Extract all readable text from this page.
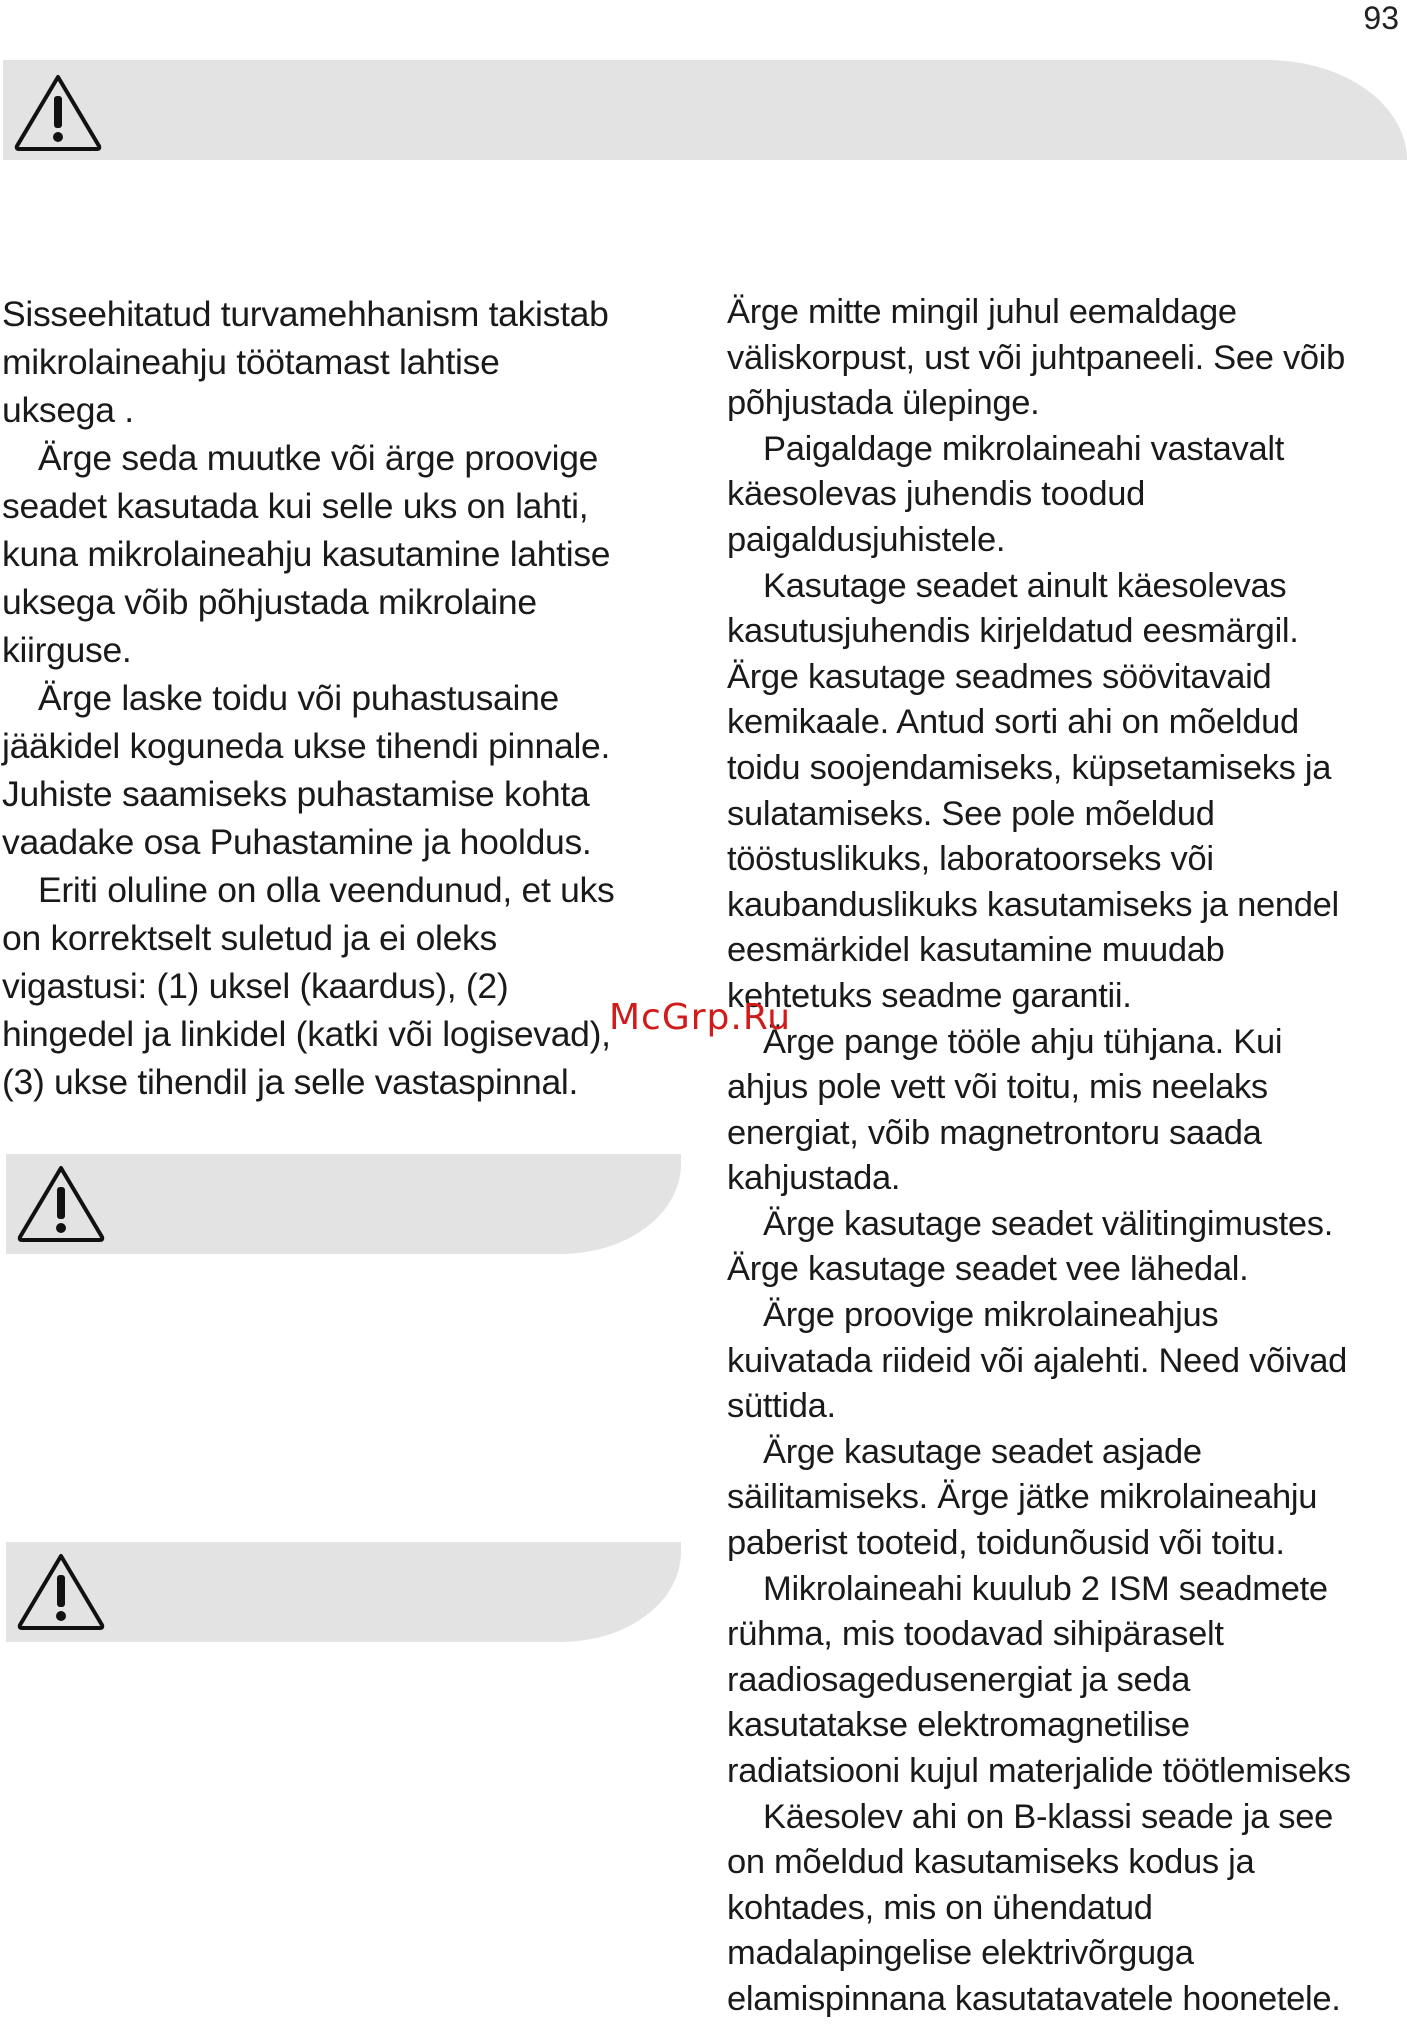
93

Sisseehitatud turvamehhanism takistab
mikrolaineahju töötamast lahtise
uksega .

Ärge seda muutke või ärge proovige
seadet kasutada kui selle uks on lahti,
kuna mikrolaineahju kasutamine lahtise
uksega võib põhjustada mikrolaine
kiirguse.

Ärge laske toidu või puhastusaine
jääkidel koguneda ukse tihendi pinnale.
Juhiste saamiseks puhastamise kohta
vaadake osa Puhastamine ja hooldus.

Eriti oluline on olla veendunud, et uks
on korrektselt suletud ja ei oleks
vigastusi: (1) uksel (kaardus), (2)
hingedel ja linkidel (katki või logisevad),
(3) ukse tihendil ja selle vastaspinnal.

Ärge mitte mingil juhul eemaldage
väliskorpust, ust või juhtpaneeli. See võib
põhjustada ülepinge.

Paigaldage mikrolaineahi vastavalt
käesolevas juhendis toodud
paigaldusjuhistele.

Kasutage seadet ainult käesolevas
kasutusjuhendis kirjeldatud eesmärgil.
Ärge kasutage seadmes söövitavaid
kemikaale. Antud sorti ahi on mõeldud
toidu soojendamiseks, küpsetamiseks ja
sulatamiseks. See pole mõeldud
tööstuslikuks, laboratoorseks või
kaubanduslikuks kasutamiseks ja nendel
eesmärkidel kasutamine muudab
kehtetuks seadme garantii.

Ärge pange tööle ahju tühjana. Kui
ahjus pole vett või toitu, mis neelaks
energiat, võib magnetrontoru saada
kahjustada.

Ärge kasutage seadet välitingimustes.
Ärge kasutage seadet vee lähedal.

Ärge proovige mikrolaineahjus
kuivatada riideid või ajalehti. Need võivad
süttida.

Ärge kasutage seadet asjade
säilitamiseks. Ärge jätke mikrolaineahju
paberist tooteid, toidunõusid või toitu.

Mikrolaineahi kuulub 2 ISM seadmete
rühma, mis toodavad sihipäraselt
raadiosagedusenergiat ja seda
kasutatakse elektromagnetilise
radiatsiooni kujul materjalide töötlemiseks

Käesolev ahi on B-klassi seade ja see
on mõeldud kasutamiseks kodus ja
kohtades, mis on ühendatud
madalapingelise elektrivõrguga
elamispinnana kasutatavatele hoonetele.

McGrp.Ru
